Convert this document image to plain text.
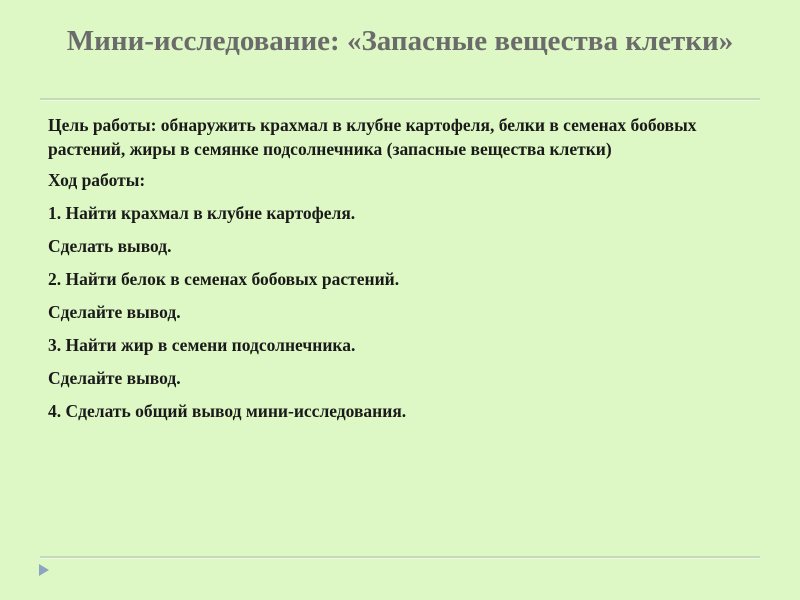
Мини-исследование: «Запасные вещества клетки»

Цель работы: обнаружить крахмал в клубне картофеля, белки в семенах бобовых растений, жиры в семянке подсолнечника (запасные вещества клетки)

Ход работы:

1. Найти крахмал в клубне картофеля.

Сделать вывод.

2. Найти белок в семенах бобовых растений.

Сделайте вывод.

3. Найти жир в семени подсолнечника.

Сделайте вывод.

4. Сделать общий вывод мини-исследования.
